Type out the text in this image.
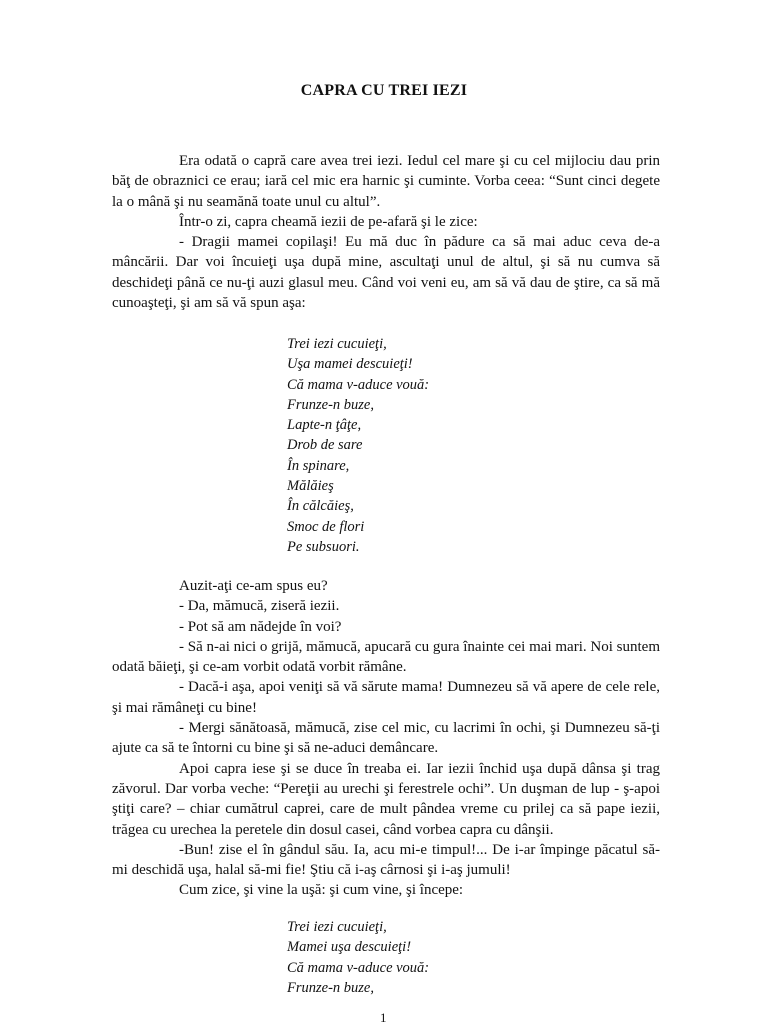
CAPRA CU TREI IEZI

Era odată o capră care avea trei iezi. Iedul cel mare şi cu cel mijlociu dau prin băţ de obraznici ce erau; iară cel mic era harnic şi cuminte. Vorba ceea: “Sunt cinci degete la o mână şi nu seamănă toate unul cu altul”.

Într-o zi, capra cheamă iezii de pe-afară şi le zice:

- Dragii mamei copilaşi! Eu mă duc în pădure ca să mai aduc ceva de-a mâncării. Dar voi încuieţi uşa după mine, ascultaţi unul de altul, şi să nu cumva să deschideţi până ce nu-ţi auzi glasul meu. Când voi veni eu, am să vă dau de ştire, ca să mă cunoaşteţi, şi am să vă spun aşa:

Trei iezi cucuieţi,
Uşa mamei descuieţi!
Că mama v-aduce vouă:
Frunze-n buze,
Lapte-n ţâţe,
Drob de sare
În spinare,
Mălăieş
În călcăieş,
Smoc de flori
Pe subsuori.

Auzit-aţi ce-am spus eu?

- Da, mămucă, ziseră iezii.

- Pot să am nădejde în voi?

- Să n-ai nici o grijă, mămucă, apucară cu gura înainte cei mai mari. Noi suntem odată băieţi, şi ce-am vorbit odată vorbit rămâne.

- Dacă-i aşa, apoi veniţi să vă sărute mama! Dumnezeu să vă apere de cele rele, şi mai rămâneţi cu bine!

- Mergi sănătoasă, mămucă, zise cel mic, cu lacrimi în ochi, şi Dumnezeu să-ţi ajute ca să te întorni cu bine şi să ne-aduci demâncare.

Apoi capra iese şi se duce în treaba ei. Iar iezii închid uşa după dânsa şi trag zăvorul. Dar vorba veche: “Pereţii au urechi şi ferestrele ochi”. Un duşman de lup - ş-apoi ştiţi care? – chiar cumătrul caprei, care de mult pândea vreme cu prilej ca să pape iezii, trăgea cu urechea la peretele din dosul casei, când vorbea capra cu dânşii.

-Bun! zise el în gândul său. Ia, acu mi-e timpul!... De i-ar împinge păcatul să-mi deschidă uşa, halal să-mi fie! Ştiu că i-aş cârnosi şi i-aş jumuli!

Cum zice, şi vine la uşă: şi cum vine, şi începe:

Trei iezi cucuieţi,
Mamei uşa descuieţi!
Că mama v-aduce vouă:
Frunze-n buze,
1
